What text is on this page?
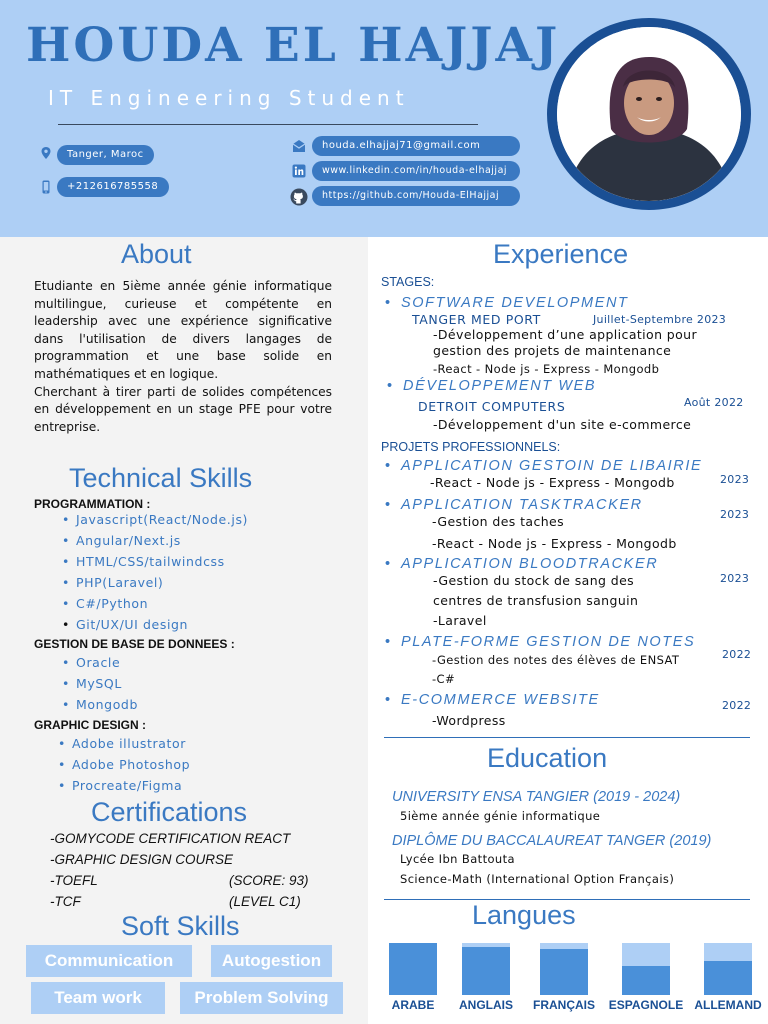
HOUDA EL HAJJAJ
IT Engineering Student
Tanger, Maroc
+212616785558
houda.elhajjaj71@gmail.com
www.linkedin.com/in/houda-elhajjaj
https://github.com/Houda-ElHajjaj
About

Etudiante en 5ième année génie informatique multilingue, curieuse et compétente en leadership avec une expérience significative dans l'utilisation de divers langages de programmation et une base solide en mathématiques et en logique.

Cherchant à tirer parti de solides compétences en développement en un stage PFE pour votre entreprise.

Technical Skills
PROGRAMMATION :
• Javascript(React/Node.js)
• Angular/Next.js
• HTML/CSS/tailwindcss
• PHP(Laravel)
• C#/Python
• Git/UX/UI design
GESTION DE BASE DE DONNEES :
• Oracle
• MySQL
• Mongodb
GRAPHIC DESIGN :
• Adobe illustrator
• Adobe Photoshop
• Procreate/Figma
Certifications
-GOMYCODE CERTIFICATION REACT
-GRAPHIC DESIGN COURSE
-TOEFL	(SCORE: 93)
-TCF	(LEVEL C1)
Soft Skills
Communication	Autogestion
Team work	Problem Solving
Experience
STAGES:
• SOFTWARE DEVELOPMENT
TANGER MED PORT	Juillet-Septembre 2023
-Développement d’une application pour
gestion des projets de maintenance
-React - Node js - Express - Mongodb
• DÉVELOPPEMENT WEB
DETROIT COMPUTERS	Août 2022
-Développement d'un site e-commerce
PROJETS PROFESSIONNELS:
• APPLICATION GESTOIN DE LIBAIRIE
2023
-React - Node js - Express - Mongodb
• APPLICATION TASKTRACKER
2023
-Gestion des taches
-React - Node js - Express - Mongodb
• APPLICATION BLOODTRACKER
2023
-Gestion du stock de sang des
centres de transfusion sanguin
-Laravel
• PLATE-FORME GESTION DE NOTES
2022
-Gestion des notes des élèves de ENSAT
-C#
• E-COMMERCE WEBSITE	2022
-Wordpress
Education
UNIVERSITY ENSA TANGIER (2019 - 2024)
5ième année génie informatique
DIPLÔME DU BACCALAUREAT TANGER (2019)
Lycée Ibn Battouta
Science-Math (International Option Français)
Langues
ARABE	ANGLAIS	FRANÇAIS	ESPAGNOLE ALLEMAND
